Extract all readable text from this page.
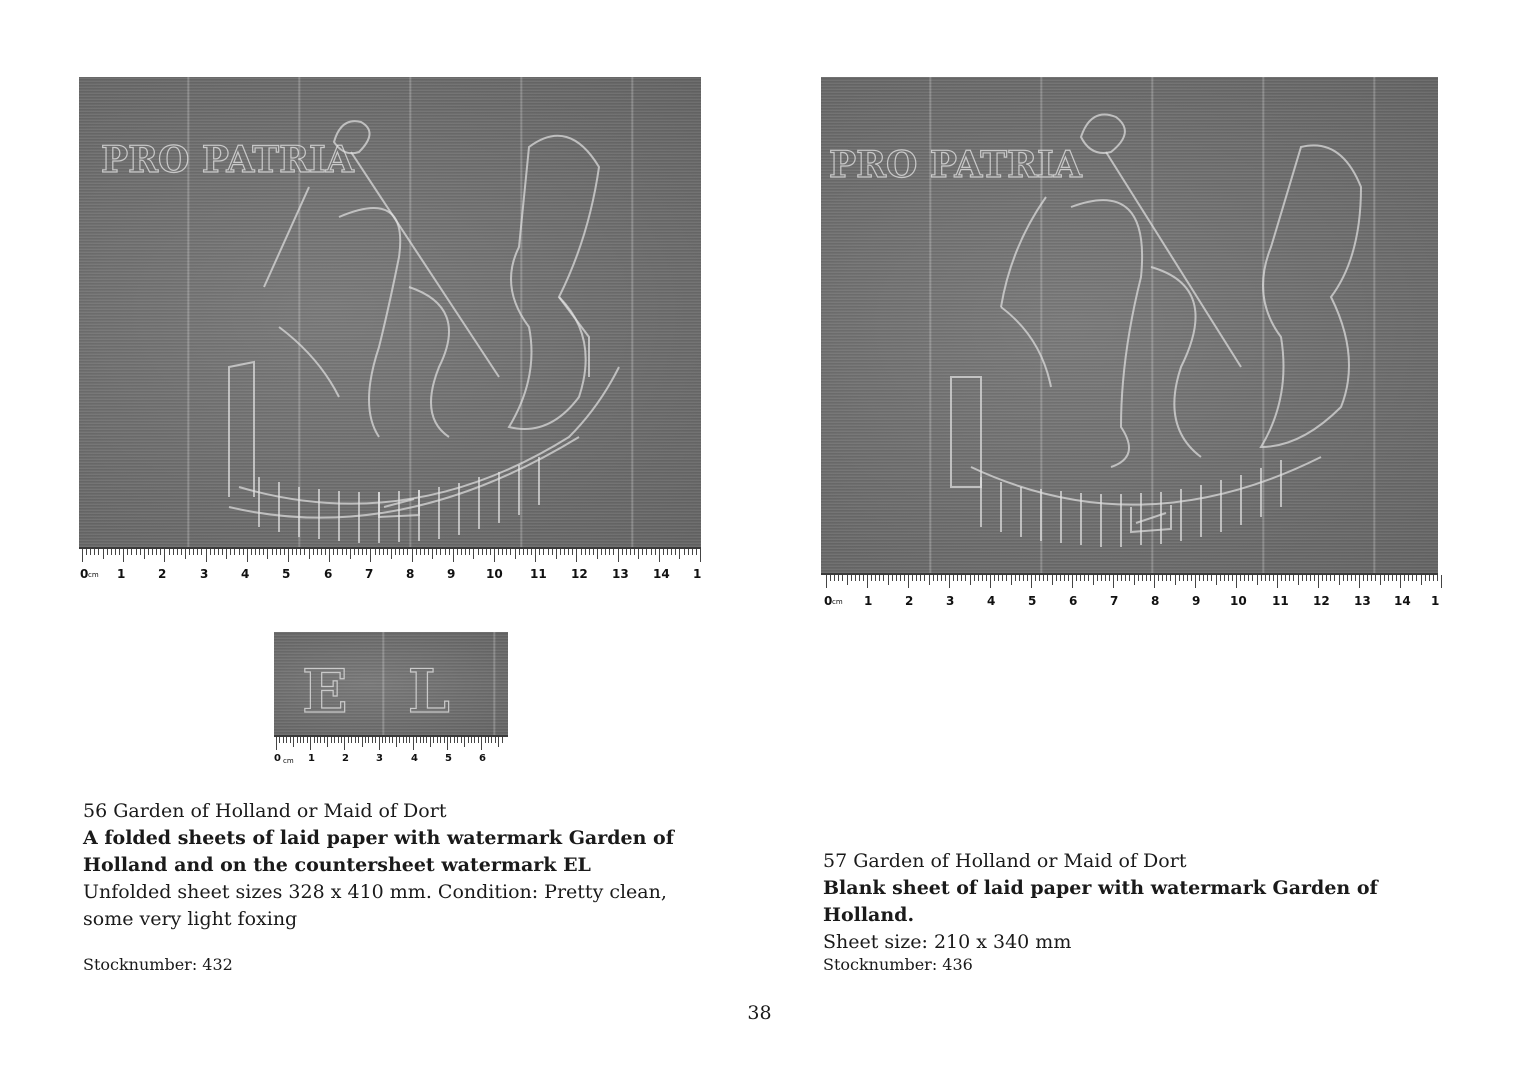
PRO PATRIA
cm
0 1	2	3	4	5	6	7	8	9	10 11 12 13 14 1
EL
cm
0	1	2	3	4	5	6
PRO PATRIA
cm
0	1	2	3	4	5	6	7	8	9 10 11 12 13 14 1
56 Garden of Holland or Maid of Dort
A folded sheets of laid paper with watermark Garden of Holland and on the countersheet watermark EL
Unfolded sheet sizes 328 x 410 mm. Condition: Pretty clean, some very light foxing
Stocknumber: 432
57 Garden of Holland or Maid of Dort
Blank sheet of laid paper with watermark Garden of Holland.
Sheet size: 210 x 340 mm
Stocknumber: 436
38
